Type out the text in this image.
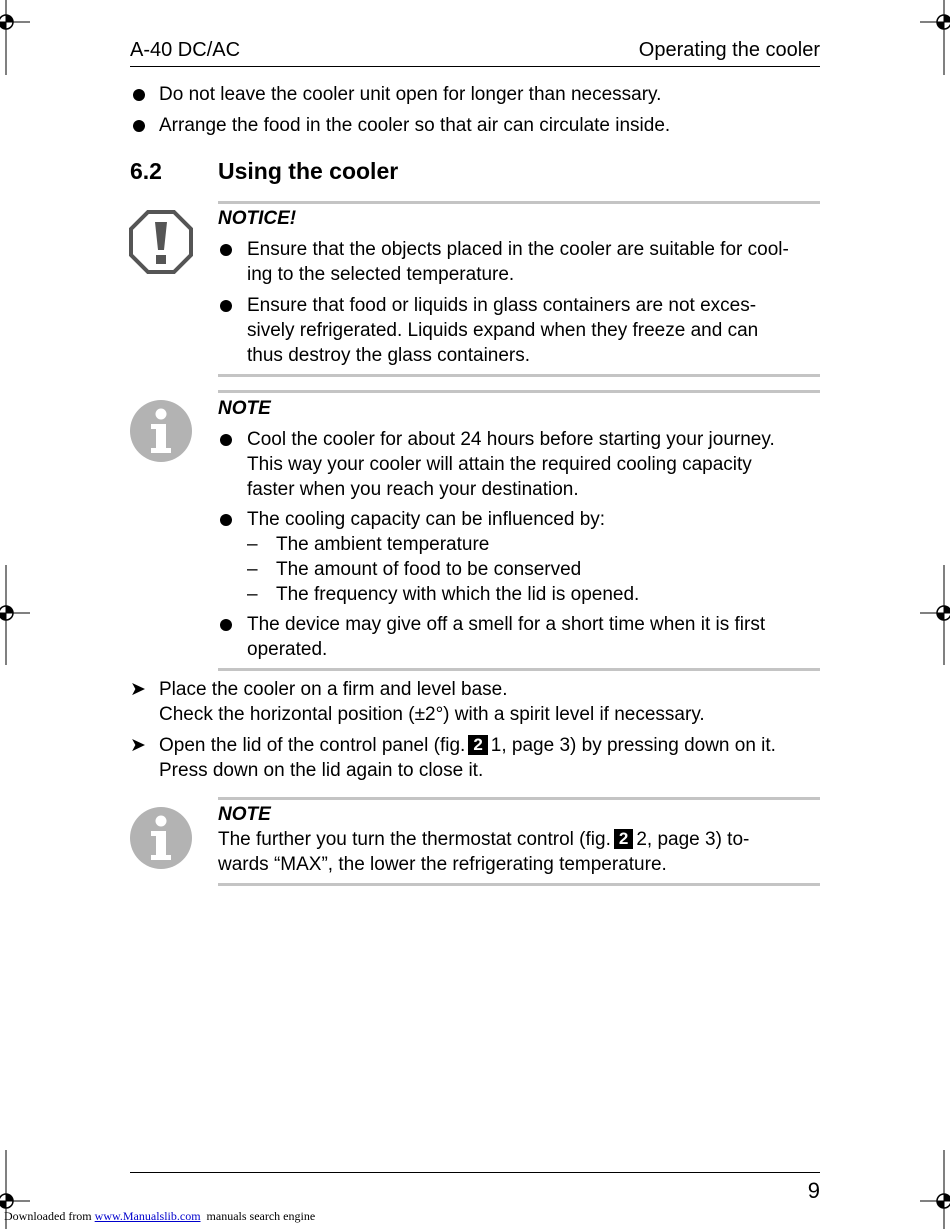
A-40 DC/AC	Operating the cooler
Do not leave the cooler unit open for longer than necessary.
Arrange the food in the cooler so that air can circulate inside.
6.2 Using the cooler
NOTICE!
Ensure that the objects placed in the cooler are suitable for cool-
ing to the selected temperature.
Ensure that food or liquids in glass containers are not exces-
sively refrigerated. Liquids expand when they freeze and can
thus destroy the glass containers.
NOTE
Cool the cooler for about 24 hours before starting your journey.
This way your cooler will attain the required cooling capacity
faster when you reach your destination.
The cooling capacity can be influenced by:
– The ambient temperature
– The amount of food to be conserved
– The frequency with which the lid is opened.
The device may give off a smell for a short time when it is first
operated.
➤ Place the cooler on a firm and level base.
Check the horizontal position (±2°) with a spirit level if necessary.
➤ Open the lid of the control panel (fig. 2 1, page 3) by pressing down on it.
Press down on the lid again to close it.
NOTE
The further you turn the thermostat control (fig. 2 2, page 3) to-
wards “MAX”, the lower the refrigerating temperature.
9
Downloaded from www.Manualslib.com manuals search engine
